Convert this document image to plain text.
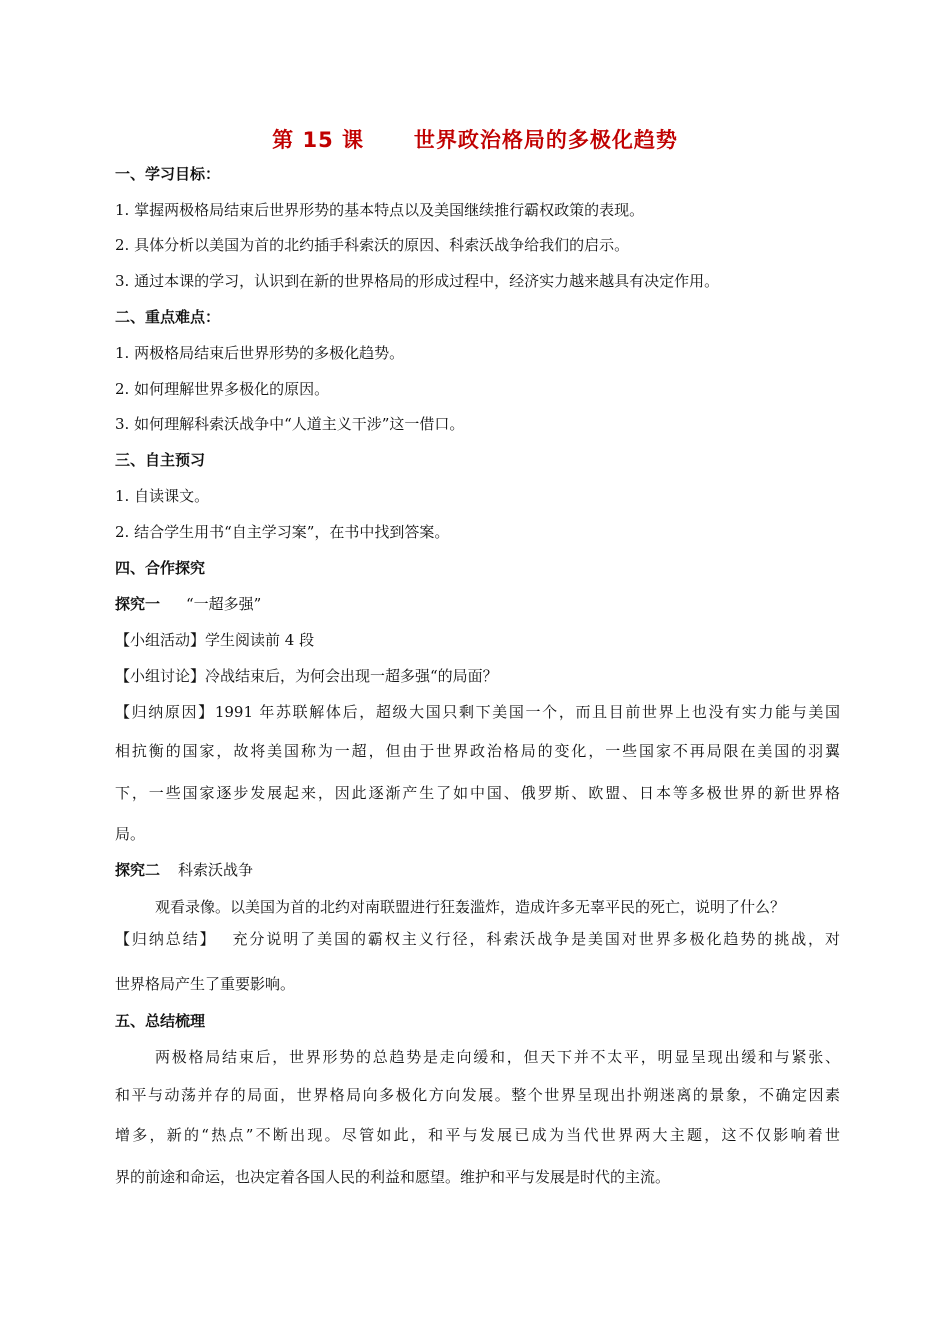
第 15 课      世界政治格局的多极化趋势
一、学习目标：
1. 掌握两极格局结束后世界形势的基本特点以及美国继续推行霸权政策的表现。
2. 具体分析以美国为首的北约插手科索沃的原因、科索沃战争给我们的启示。
3. 通过本课的学习，认识到在新的世界格局的形成过程中，经济实力越来越具有决定作用。
二、重点难点：
1. 两极格局结束后世界形势的多极化趋势。
2. 如何理解世界多极化的原因。
3. 如何理解科索沃战争中“人道主义干涉”这一借口。
三、自主预习
1. 自读课文。
2. 结合学生用书“自主学习案”，在书中找到答案。
四、合作探究
探究一 “一超多强”
【小组活动】学生阅读前 4 段
【小组讨论】冷战结束后，为何会出现一超多强“的局面？
【归纳原因】1991 年苏联解体后，超级大国只剩下美国一个，而且目前世界上也没有实力能与美国
相抗衡的国家，故将美国称为一超，但由于世界政治格局的变化，一些国家不再局限在美国的羽翼
下，一些国家逐步发展起来，因此逐渐产生了如中国、俄罗斯、欧盟、日本等多极世界的新世界格
局。
探究二 科索沃战争
观看录像。以美国为首的北约对南联盟进行狂轰滥炸，造成许多无辜平民的死亡，说明了什么？
【归纳总结】 充分说明了美国的霸权主义行径，科索沃战争是美国对世界多极化趋势的挑战，对
世界格局产生了重要影响。
五、总结梳理
两极格局结束后，世界形势的总趋势是走向缓和，但天下并不太平，明显呈现出缓和与紧张、
和平与动荡并存的局面，世界格局向多极化方向发展。整个世界呈现出扑朔迷离的景象，不确定因素
增多，新的“热点”不断出现。尽管如此，和平与发展已成为当代世界两大主题，这不仅影响着世
界的前途和命运，也决定着各国人民的利益和愿望。维护和平与发展是时代的主流。
